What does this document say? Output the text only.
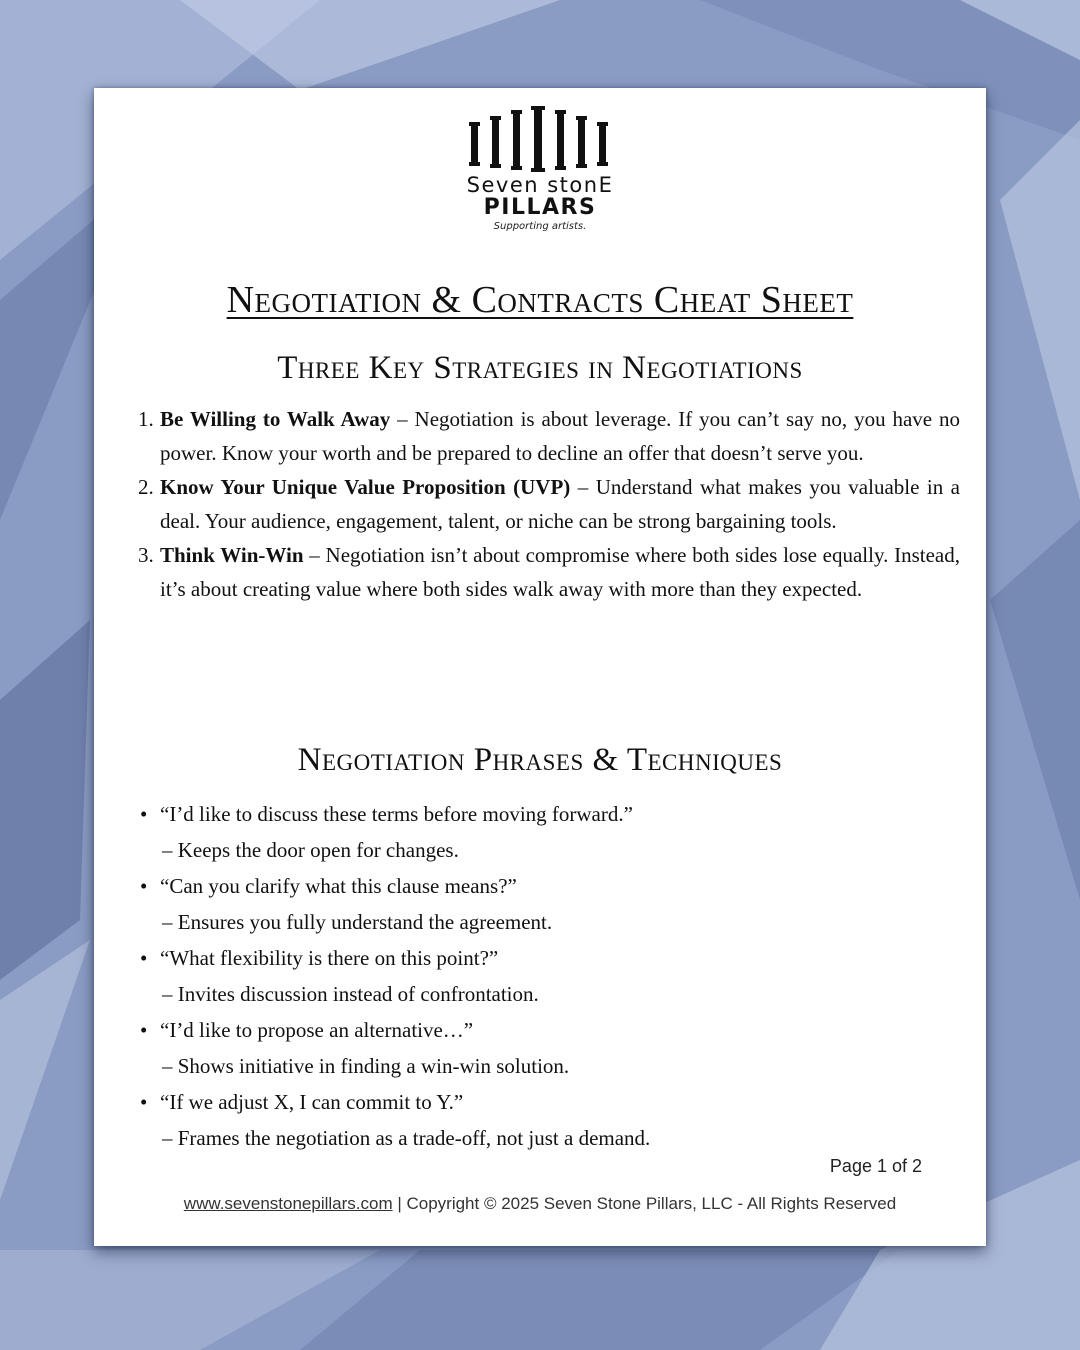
Seven stonE
PILLARS
Supporting artists.
Negotiation & Contracts Cheat Sheet
Three Key Strategies in Negotiations
1. Be Willing to Walk Away – Negotiation is about leverage. If you can’t say no, you have no power. Know your worth and be prepared to decline an offer that doesn’t serve you.
2. Know Your Unique Value Proposition (UVP) – Understand what makes you valuable in a deal. Your audience, engagement, talent, or niche can be strong bargaining tools.
3. Think Win-Win – Negotiation isn’t about compromise where both sides lose equally. Instead, it’s about creating value where both sides walk away with more than they expected.
Negotiation Phrases & Techniques
• “I’d like to discuss these terms before moving forward.”
– Keeps the door open for changes.
• “Can you clarify what this clause means?”
– Ensures you fully understand the agreement.
• “What flexibility is there on this point?”
– Invites discussion instead of confrontation.
• “I’d like to propose an alternative…”
– Shows initiative in finding a win-win solution.
• “If we adjust X, I can commit to Y.”
– Frames the negotiation as a trade-off, not just a demand.
Page 1 of 2
www.sevenstonepillars.com | Copyright © 2025 Seven Stone Pillars, LLC - All Rights Reserved
